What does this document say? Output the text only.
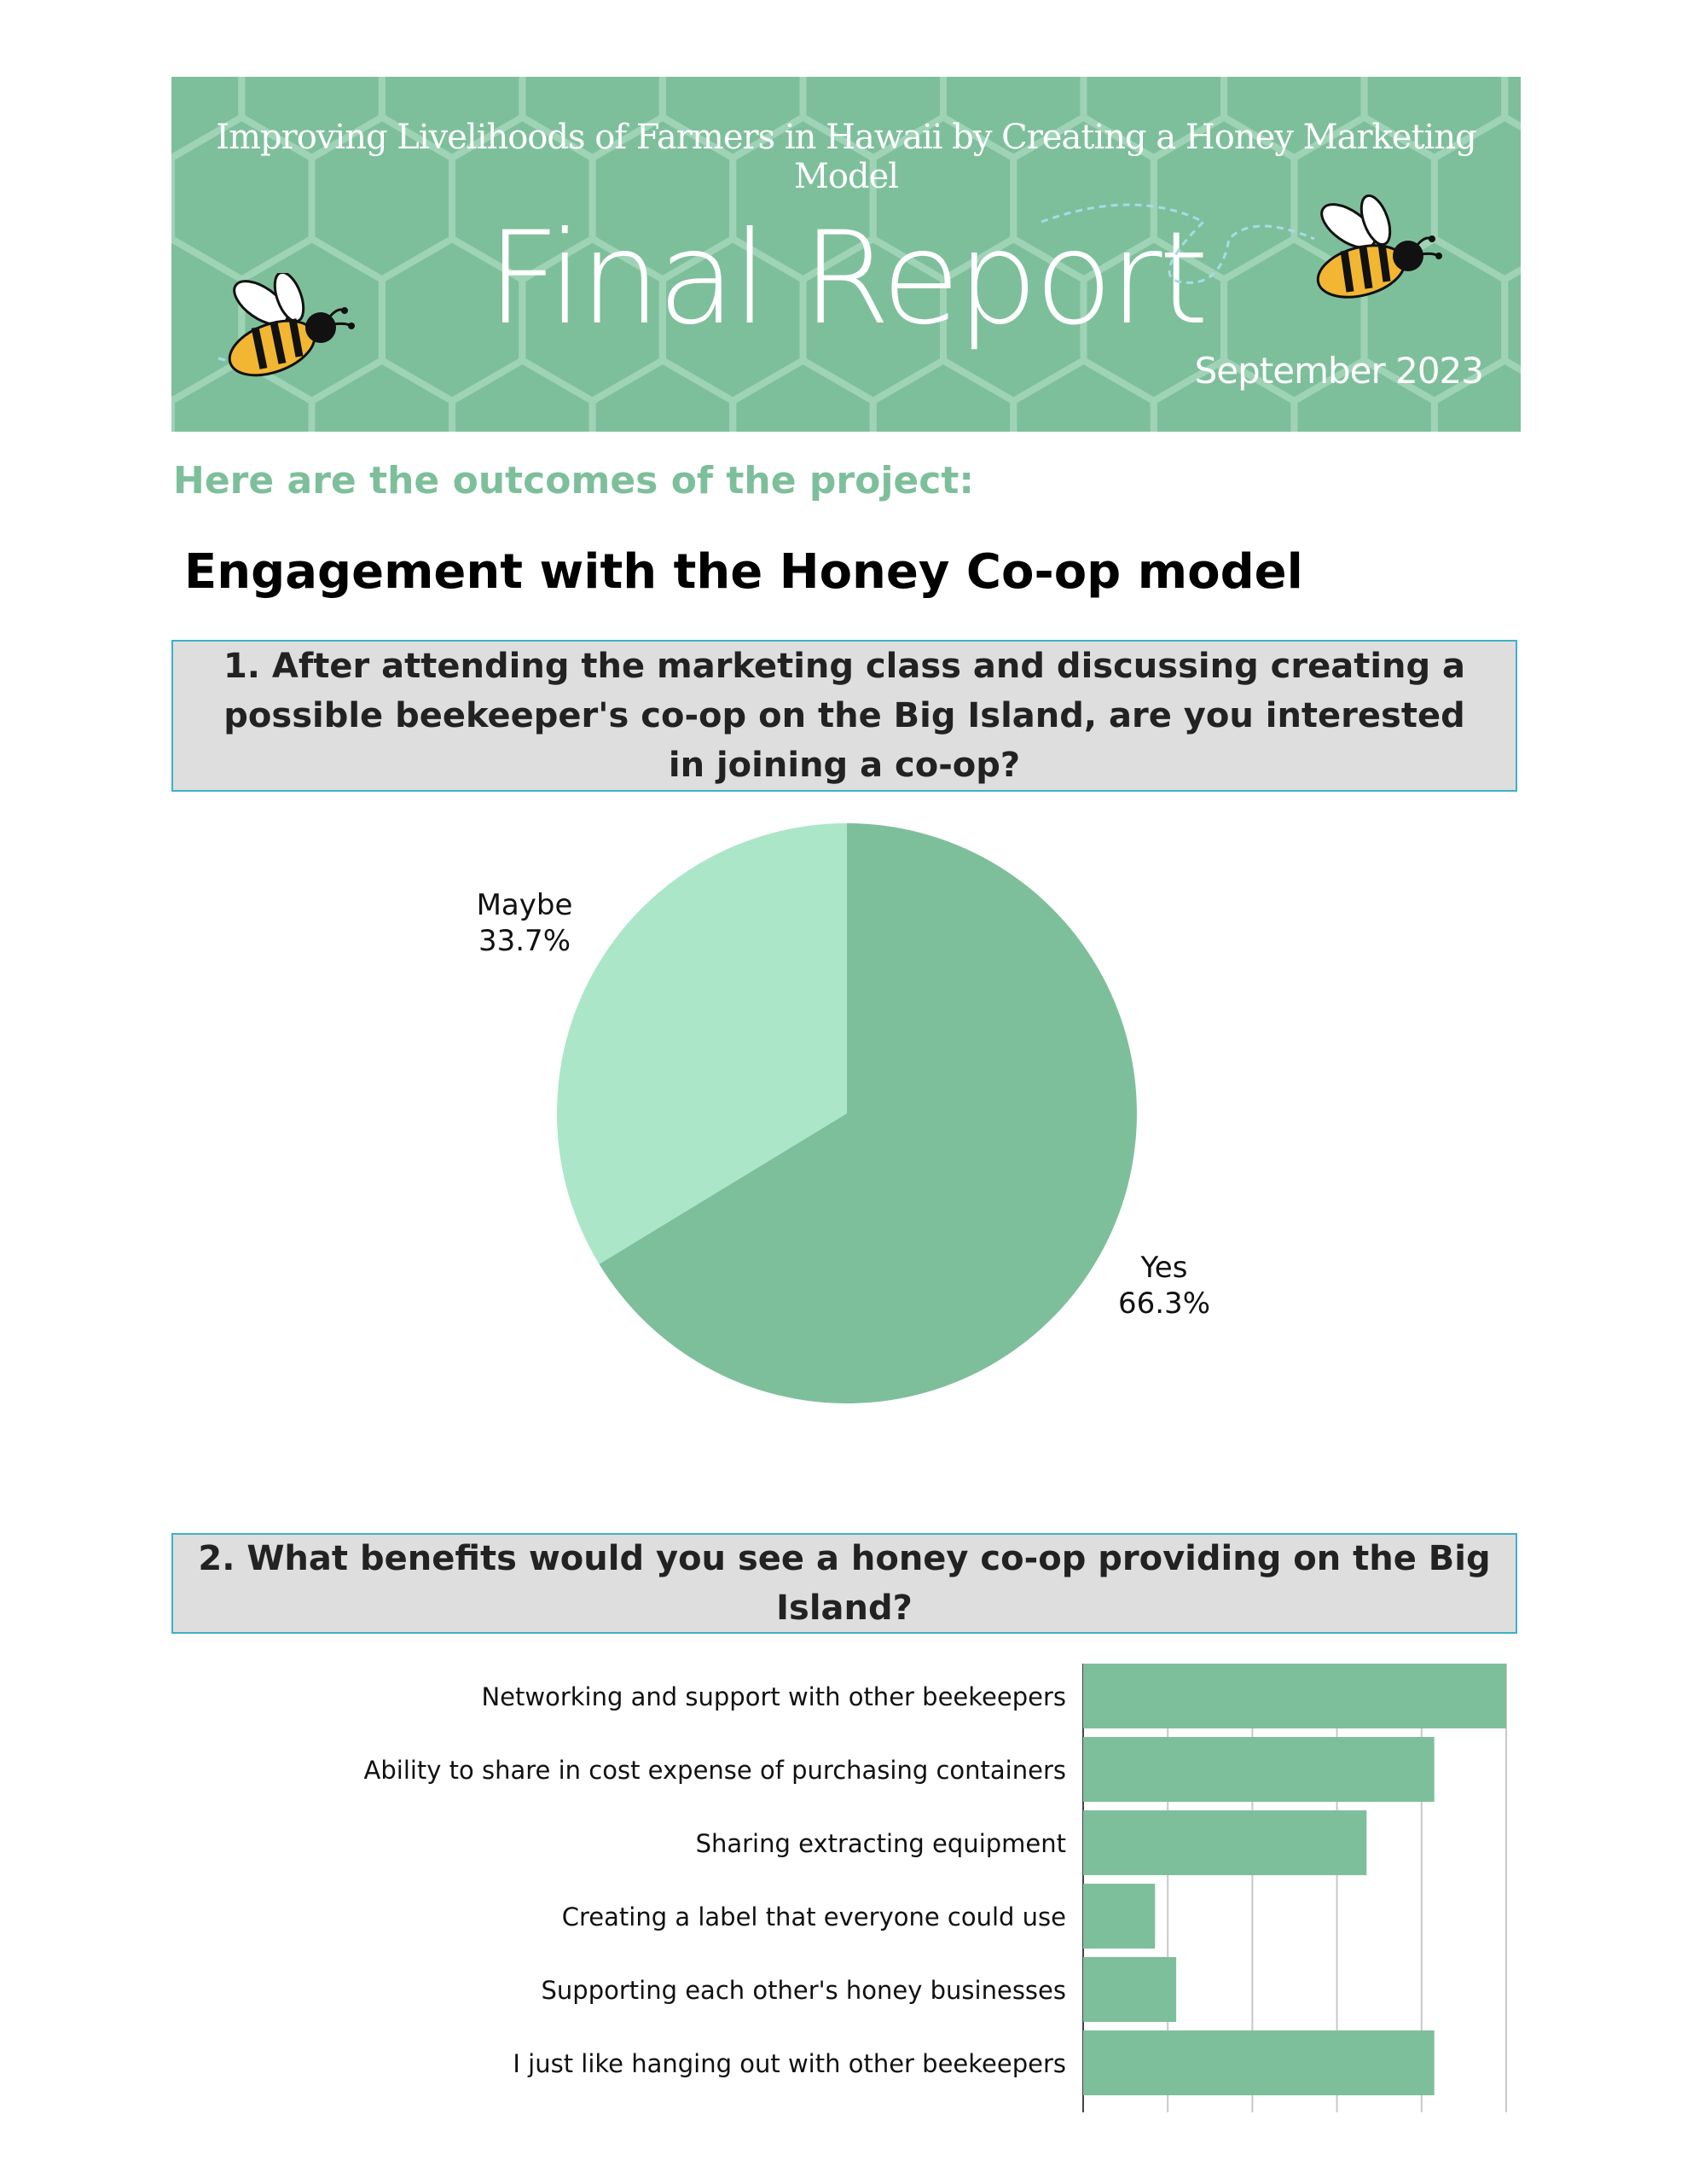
Improving Livelihoods of Farmers in Hawaii by Creating a Honey Marketing Model
Final Report
September 2023
Here are the outcomes of the project:
Engagement with the Honey Co-op model
1. After attending the marketing class and discussing creating a possible beekeeper's co-op on the Big Island, are you interested in joining a co-op?
Maybe
33.7%
Yes
66.3%
2. What benefits would you see a honey co-op providing on the Big Island?
Networking and support with other beekeepers
Ability to share in cost expense of purchasing containers
Sharing extracting equipment
Creating a label that everyone could use
Supporting each other's honey businesses
I just like hanging out with other beekeepers
